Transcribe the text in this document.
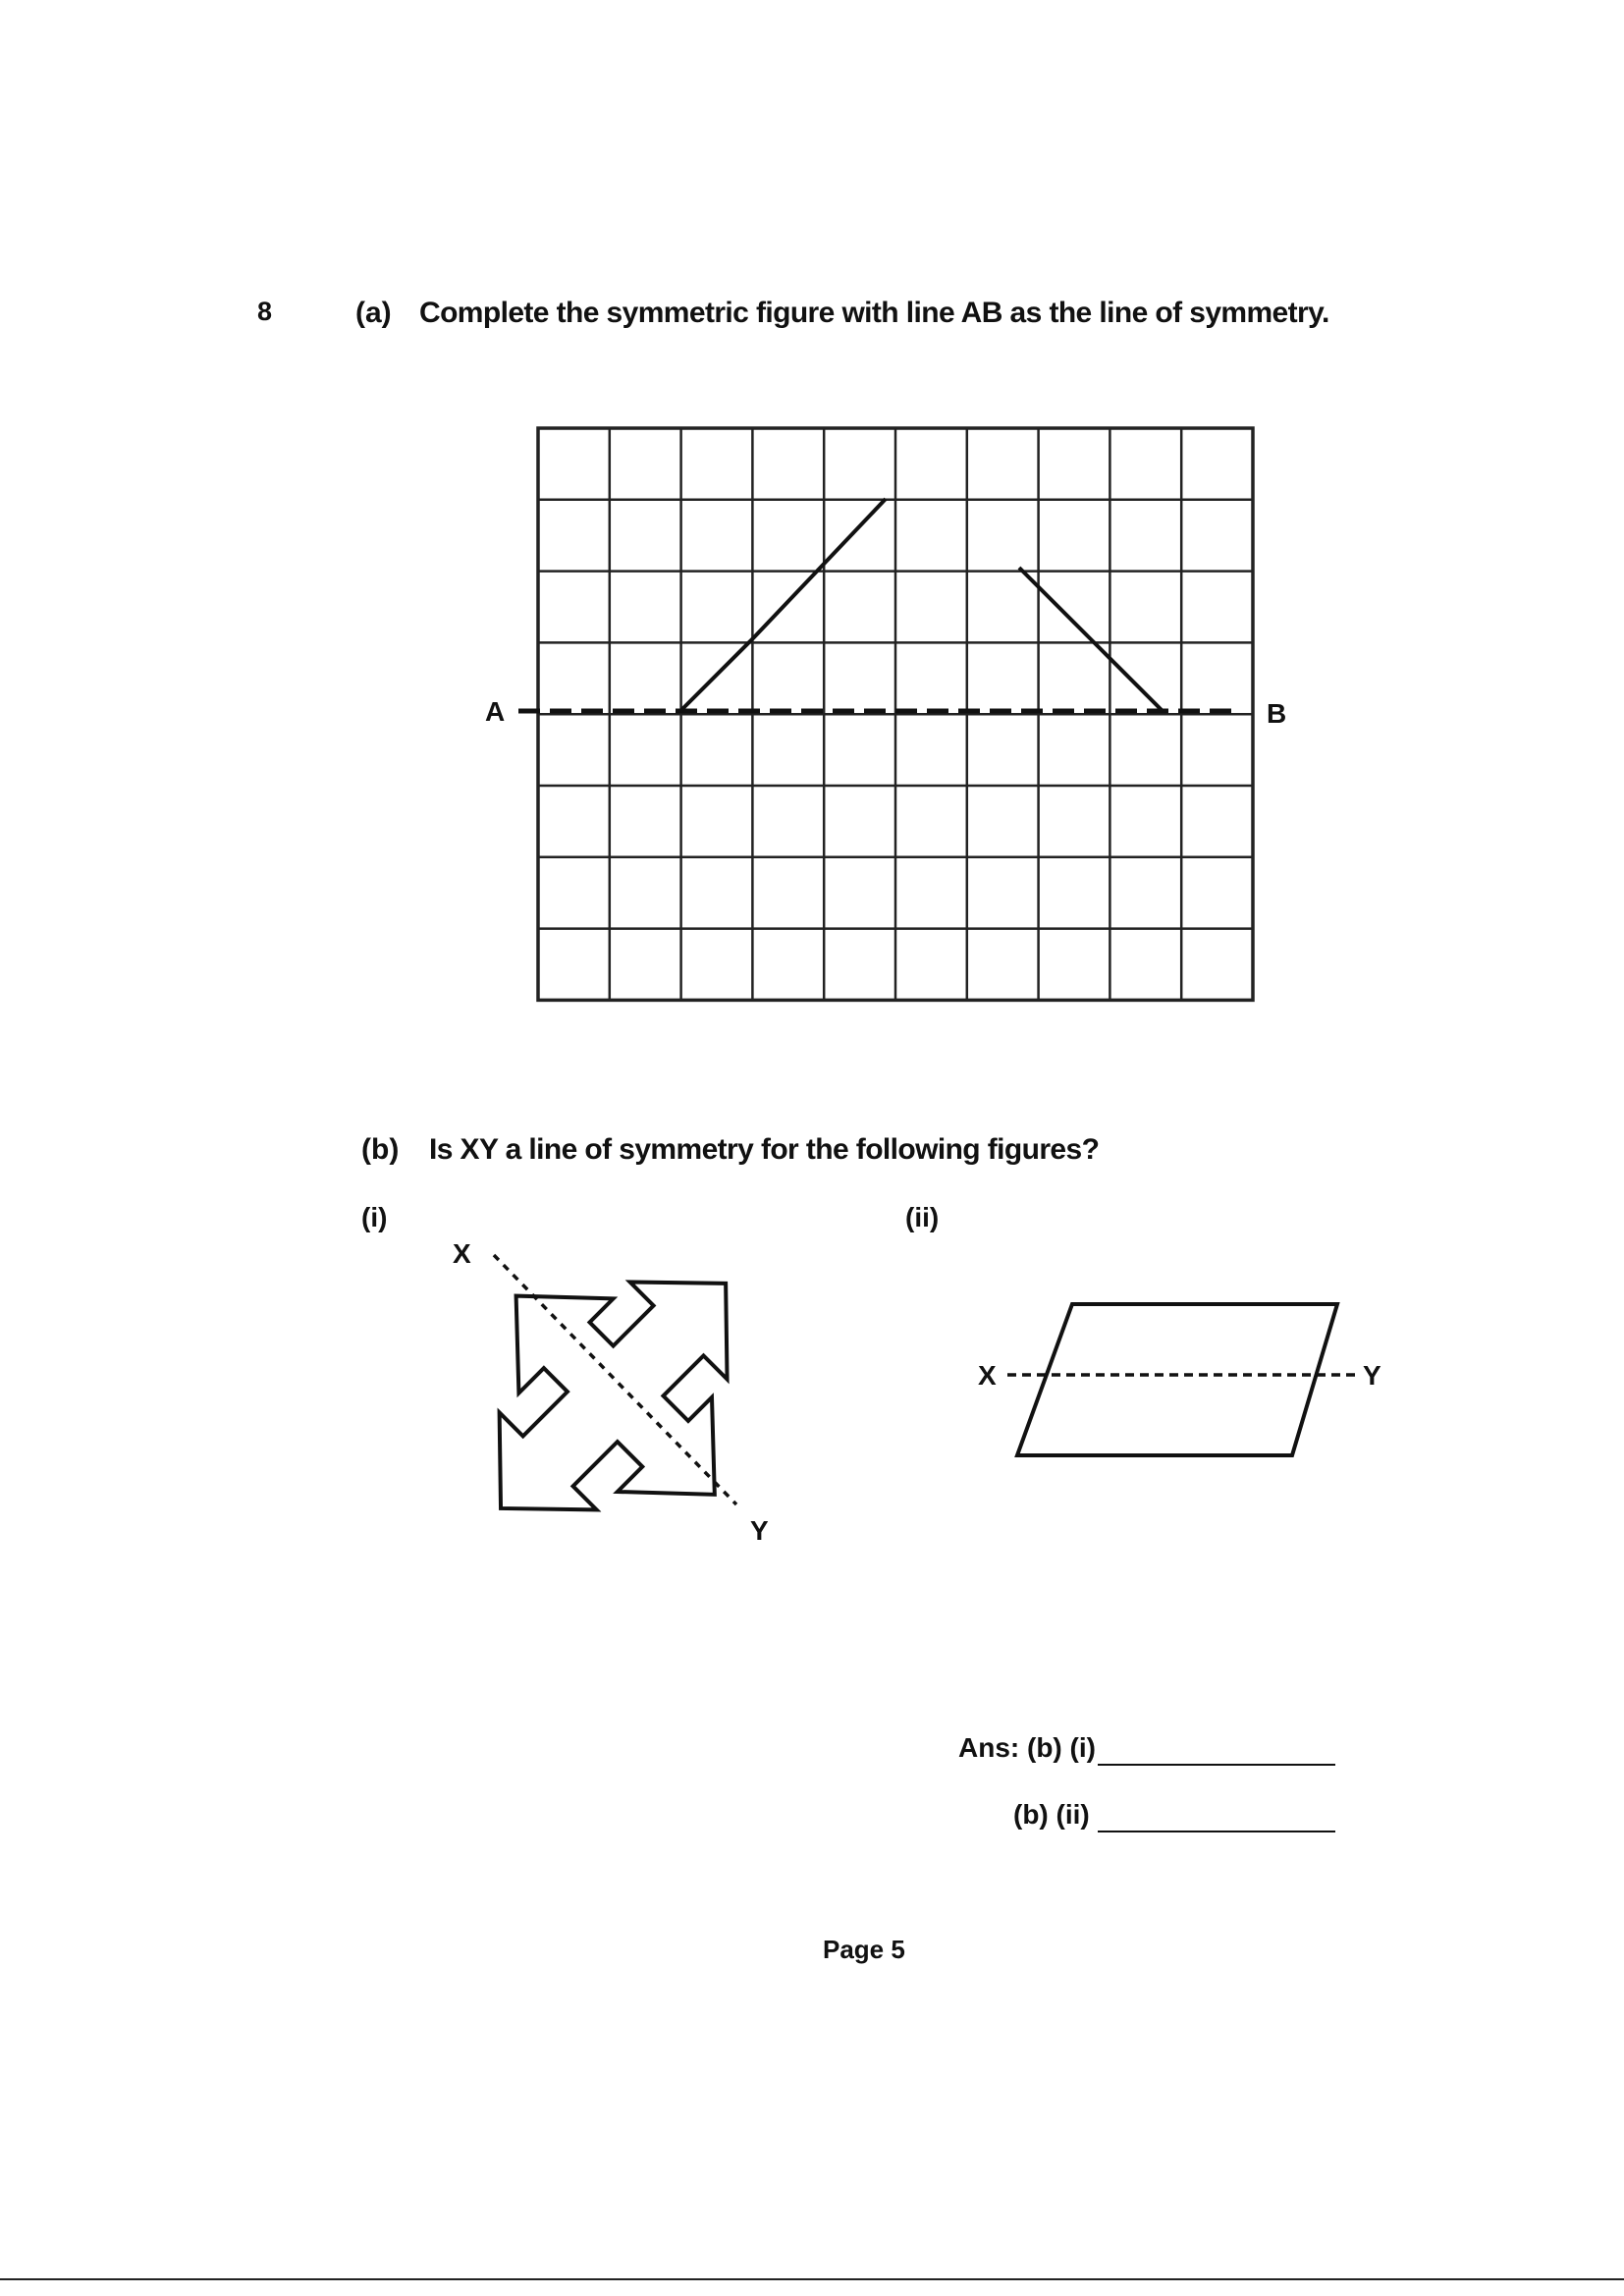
8	(a) Complete the symmetric figure with line AB as the line of symmetry.
A	B
(b) Is XY a line of symmetry for the following figures?
(i)	(ii)
X
Y
X	Y
Ans: (b) (i)
(b) (ii)
Page 5
